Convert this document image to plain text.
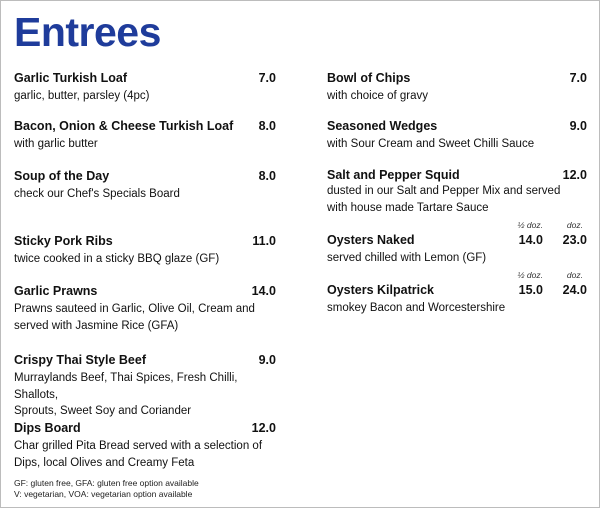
Entrees
Garlic Turkish Loaf	7.0
garlic, butter, parsley (4pc)
Bacon, Onion & Cheese Turkish Loaf	8.0
with garlic butter
Soup of the Day	8.0
check our Chef's Specials Board
Sticky Pork Ribs	11.0
twice cooked in a sticky BBQ glaze (GF)
Garlic Prawns	14.0
Prawns sauteed in Garlic, Olive Oil, Cream and
served with Jasmine Rice (GFA)
Crispy Thai Style Beef	9.0
Murraylands Beef, Thai Spices, Fresh Chilli, Shallots,
Sprouts, Sweet Soy and Coriander
Dips Board	12.0
Char grilled Pita Bread served with a selection of
Dips, local Olives and Creamy Feta
GF: gluten free, GFA: gluten free option available
V: vegetarian, VOA: vegetarian option available
Bowl of Chips	7.0
with choice of gravy
Seasoned Wedges	9.0
with Sour Cream and Sweet Chilli Sauce
Salt and Pepper Squid	12.0
dusted in our Salt and Pepper Mix and served
with house made Tartare Sauce
½ doz.	doz.
Oysters Naked	14.0 23.0
served chilled with Lemon (GF)
½ doz.	doz.
Oysters Kilpatrick	15.0 24.0
smokey Bacon and Worcestershire
